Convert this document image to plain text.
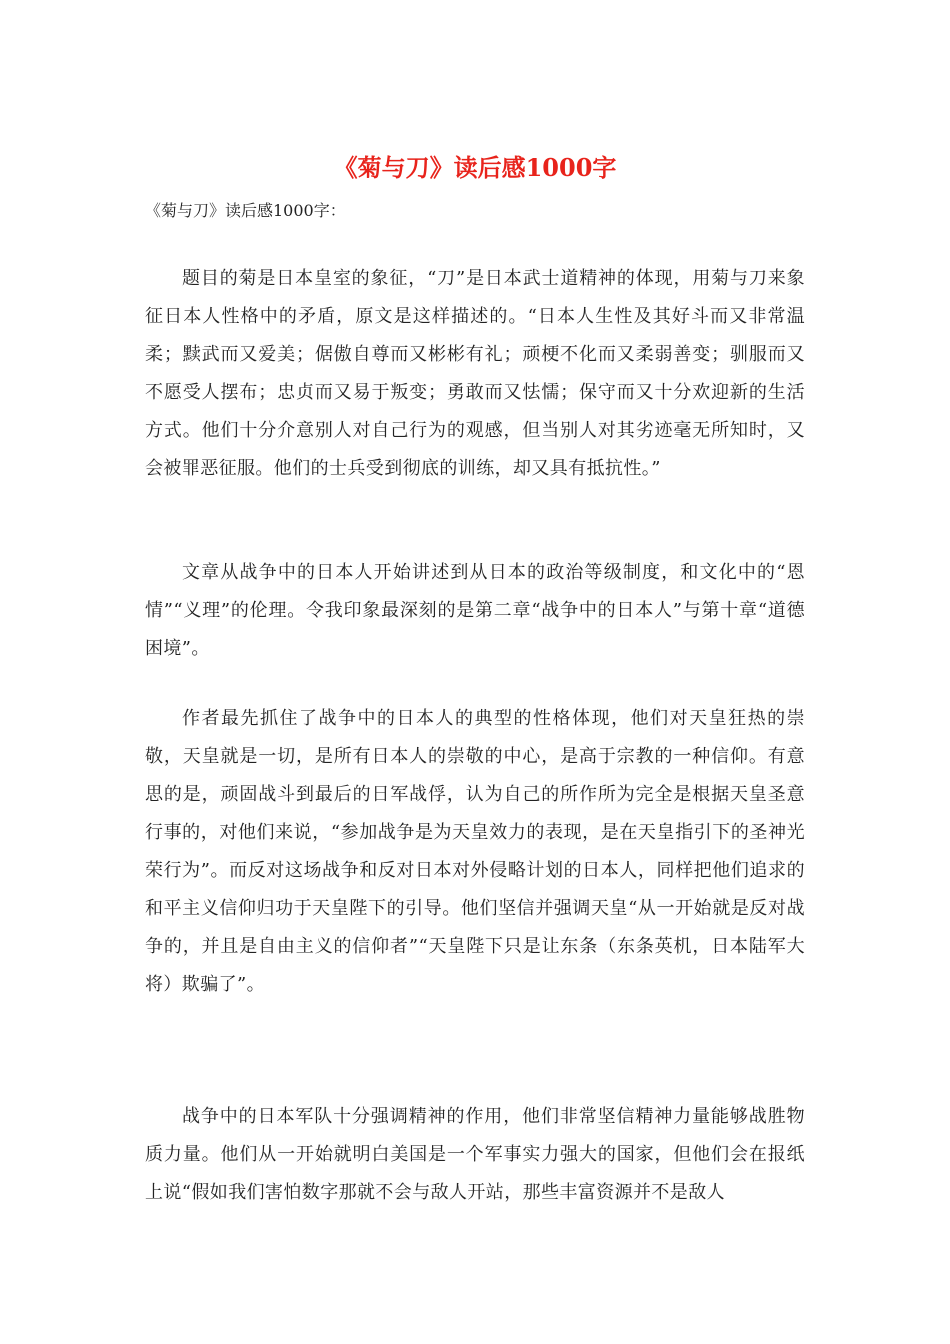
《菊与刀》读后感1000字

《菊与刀》读后感1000字：

题目的菊是日本皇室的象征，“刀”是日本武士道精神的体现，用菊与刀来象征日本人性格中的矛盾，原文是这样描述的。“日本人生性及其好斗而又非常温柔；黩武而又爱美；倨傲自尊而又彬彬有礼；顽梗不化而又柔弱善变；驯服而又不愿受人摆布；忠贞而又易于叛变；勇敢而又怯懦；保守而又十分欢迎新的生活方式。他们十分介意别人对自己行为的观感，但当别人对其劣迹毫无所知时，又会被罪恶征服。他们的士兵受到彻底的训练，却又具有抵抗性。”

文章从战争中的日本人开始讲述到从日本的政治等级制度，和文化中的“恩情”“义理”的伦理。令我印象最深刻的是第二章“战争中的日本人”与第十章“道德困境”。

作者最先抓住了战争中的日本人的典型的性格体现，他们对天皇狂热的崇敬，天皇就是一切，是所有日本人的崇敬的中心，是高于宗教的一种信仰。有意思的是，顽固战斗到最后的日军战俘，认为自己的所作所为完全是根据天皇圣意行事的，对他们来说，“参加战争是为天皇效力的表现，是在天皇指引下的圣神光荣行为”。而反对这场战争和反对日本对外侵略计划的日本人，同样把他们追求的和平主义信仰归功于天皇陛下的引导。他们坚信并强调天皇“从一开始就是反对战争的，并且是自由主义的信仰者”“天皇陛下只是让东条（东条英机，日本陆军大将）欺骗了”。

战争中的日本军队十分强调精神的作用，他们非常坚信精神力量能够战胜物质力量。他们从一开始就明白美国是一个军事实力强大的国家，但他们会在报纸上说“假如我们害怕数字那就不会与敌人开站，那些丰富资源并不是敌人
